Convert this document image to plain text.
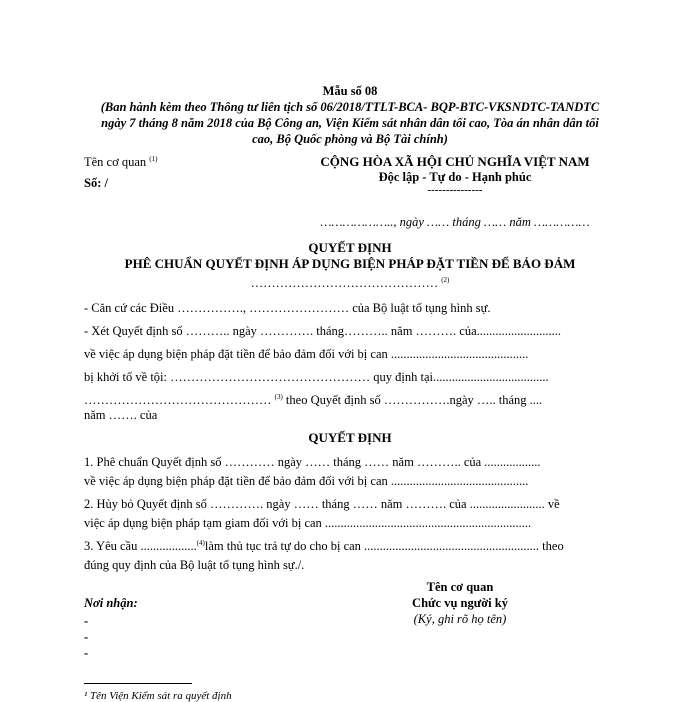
Mẫu số 08
(Ban hành kèm theo Thông tư liên tịch số 06/2018/TTLT-BCA- BQP-BTC-VKSNDTC-TANDTC
ngày 7 tháng 8 năm 2018 của Bộ Công an, Viện Kiểm sát nhân dân tối cao, Tòa án nhân dân tối
cao, Bộ Quốc phòng và Bộ Tài chính)
Tên cơ quan $^{(1)}$
Số: /
CỘNG HÒA XÃ HỘI CHỦ NGHĨA VIỆT NAM
Độc lập - Tự do - Hạnh phúc
---------------
……………….., ngày …… tháng …… năm ……………
QUYẾT ĐỊNH
PHÊ CHUẨN QUYẾT ĐỊNH ÁP DỤNG BIỆN PHÁP ĐẶT TIỀN ĐỂ BẢO ĐẢM
……………………………………… $^{(2)}$
- Căn cứ các Điều ……………., …………………… của Bộ luật tố tụng hình sự.
- Xét Quyết định số ……….. ngày …………. tháng……….. năm ………. của...........................
về việc áp dụng biện pháp đặt tiền để bảo đảm đối với bị can ............................................
bị khởi tố về tội: ………………………………………… quy định tại.....................................
……………………………………… $^{(3)}$ theo Quyết định số …………….ngày ….. tháng ....
năm ……. của
QUYẾT ĐỊNH
1. Phê chuẩn Quyết định số ………… ngày …… tháng …… năm ……….. của ..................
về việc áp dụng biện pháp đặt tiền để bảo đảm đối với bị can ............................................
2. Hủy bỏ Quyết định số …………. ngày …… tháng …… năm ………. của ........................ về
việc áp dụng biện pháp tạm giam đối với bị can ..................................................................
3. Yêu cầu ..................$^{(4)}$làm thủ tục trả tự do cho bị can ........................................................ theo
đúng quy định của Bộ luật tố tụng hình sự./.
Tên cơ quan
Chức vụ người ký
(Ký, ghi rõ họ tên)
Nơi nhận:
-
-
-
¹ Tên Viện Kiểm sát ra quyết định
